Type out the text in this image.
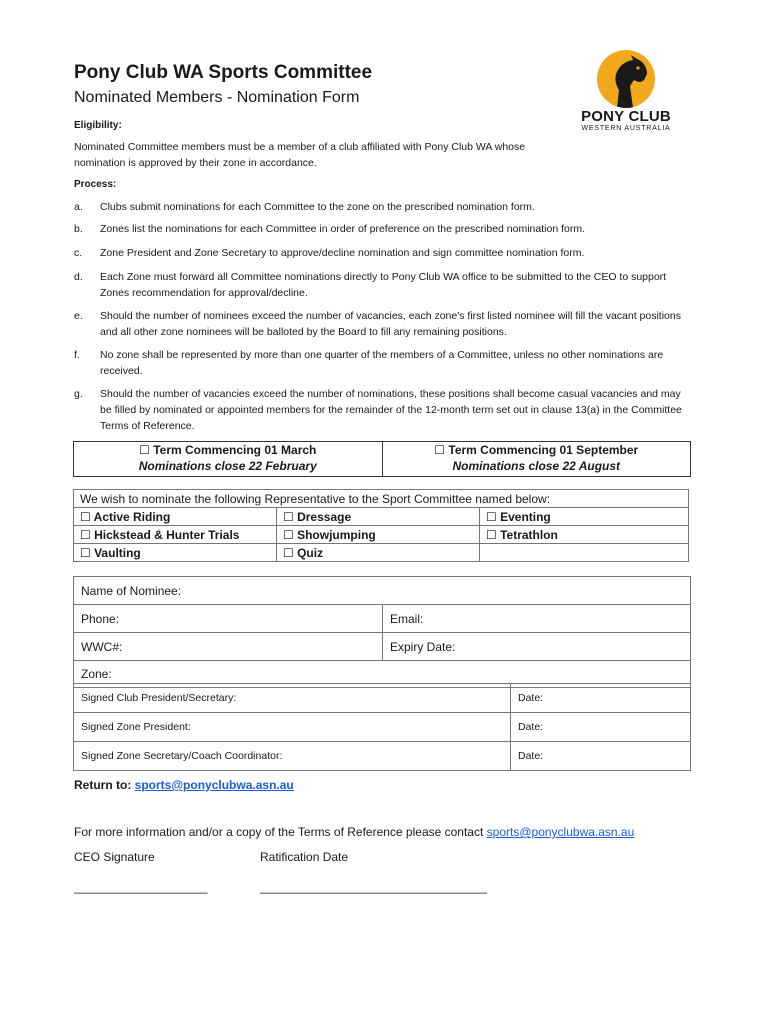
Pony Club WA Sports Committee
Nominated Members - Nomination Form
PONY CLUB
WESTERN AUSTRALIA
Eligibility:
Nominated Committee members must be a member of a club affiliated with Pony Club WA whose nomination is approved by their zone in accordance.
Process:
a.	Clubs submit nominations for each Committee to the zone on the prescribed nomination form.
b.	Zones list the nominations for each Committee in order of preference on the prescribed nomination form.
c.	Zone President and Zone Secretary to approve/decline nomination and sign committee nomination form.
d.	Each Zone must forward all Committee nominations directly to Pony Club WA office to be submitted to the CEO to support Zones recommendation for approval/decline.
e.	Should the number of nominees exceed the number of vacancies, each zone's first listed nominee will fill the vacant positions and all other zone nominees will be balloted by the Board to fill any remaining positions.
f.	No zone shall be represented by more than one quarter of the members of a Committee, unless no other nominations are received.
g.	Should the number of vacancies exceed the number of nominations, these positions shall become casual vacancies and may be filled by nominated or appointed members for the remainder of the 12-month term set out in clause 13(a) in the Committee Terms of Reference.
☐ Term Commencing 01 March
Nominations close 22 February
☐ Term Commencing 01 September
Nominations close 22 August
We wish to nominate the following Representative to the Sport Committee named below:		
☐ Active Riding	☐ Dressage	☐ Eventing
☐ Hickstead & Hunter Trials	☐ Showjumping	☐ Tetrathlon
☐ Vaulting	☐ Quiz	
Name of Nominee:	
Phone:	Email:
WWC#:	Expiry Date:
Zone:	
Signed Club President/Secretary:	Date:
Signed Zone President:	Date:
Signed Zone Secretary/Coach Coordinator:	Date:
Return to: sports@ponyclubwa.asn.au
For more information and/or a copy of the Terms of Reference please contact sports@ponyclubwa.asn.au
CEO Signature	Ratification Date
____________________	__________________________________
